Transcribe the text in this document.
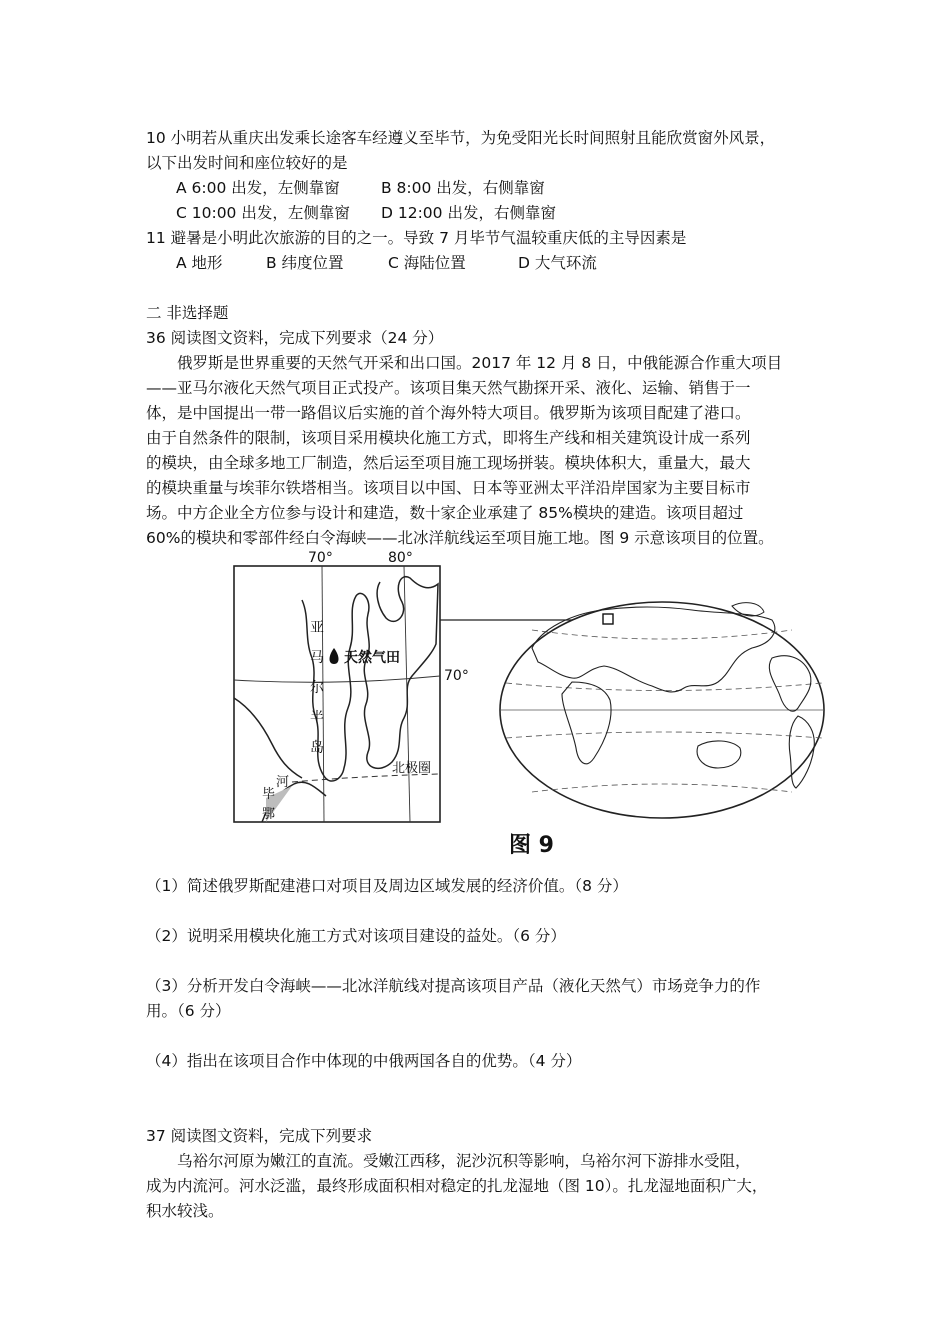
10 小明若从重庆出发乘长途客车经遵义至毕节，为免受阳光长时间照射且能欣赏窗外风景，
以下出发时间和座位较好的是
A 6:00 出发，左侧靠窗	B 8:00 出发，右侧靠窗
C 10:00 出发，左侧靠窗 D 12:00 出发，右侧靠窗
11 避暑是小明此次旅游的目的之一。导致 7 月毕节气温较重庆低的主导因素是
A 地形	B 纬度位置	C 海陆位置	D 大气环流
二 非选择题
36 阅读图文资料，完成下列要求（24 分）
俄罗斯是世界重要的天然气开采和出口国。2017 年 12 月 8 日，中俄能源合作重大项目
——亚马尔液化天然气项目正式投产。该项目集天然气勘探开采、液化、运输、销售于一
体，是中国提出一带一路倡议后实施的首个海外特大项目。俄罗斯为该项目配建了港口。
由于自然条件的限制，该项目采用模块化施工方式，即将生产线和相关建筑设计成一系列
的模块，由全球多地工厂制造，然后运至项目施工现场拼装。模块体积大，重量大，最大
的模块重量与埃菲尔铁塔相当。该项目以中国、日本等亚洲太平洋沿岸国家为主要目标市
场。中方企业全方位参与设计和建造，数十家企业承建了 85%模块的建造。该项目超过
60%的模块和零部件经白令海峡——北冰洋航线运至项目施工地。图 9 示意该项目的位置。
天然气田
亚
马
尔
半
岛
北极圈
毕
河
鄂
70°	80°
70°
图 9
（1）简述俄罗斯配建港口对项目及周边区域发展的经济价值。（8 分）
（2）说明采用模块化施工方式对该项目建设的益处。（6 分）
（3）分析开发白令海峡——北冰洋航线对提高该项目产品（液化天然气）市场竞争力的作
用。（6 分）
（4）指出在该项目合作中体现的中俄两国各自的优势。（4 分）
37 阅读图文资料，完成下列要求
乌裕尔河原为嫩江的直流。受嫩江西移，泥沙沉积等影响，乌裕尔河下游排水受阻，
成为内流河。河水泛滥，最终形成面积相对稳定的扎龙湿地（图 10）。扎龙湿地面积广大，
积水较浅。
